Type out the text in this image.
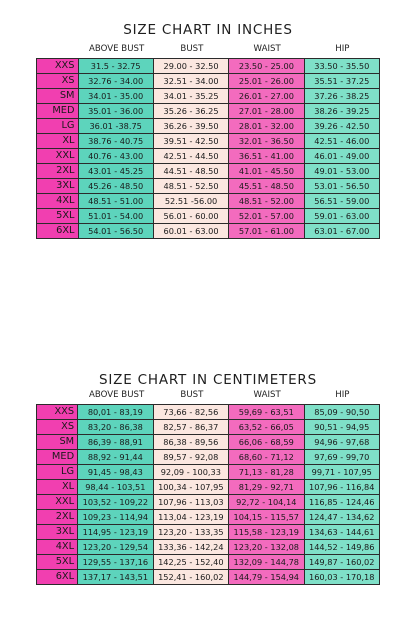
SIZE CHART IN INCHES
ABOVE BUST	BUST	WAIST	HIP
XXS	31.5 - 32.75	29.00 - 32.50	23.50 - 25.00	33.50 - 35.50
XS	32.76 - 34.00	32.51 - 34.00	25.01 - 26.00	35.51 - 37.25
SM	34.01 - 35.00	34.01 - 35.25	26.01 - 27.00	37.26 - 38.25
MED	35.01 - 36.00	35.26 - 36.25	27.01 - 28.00	38.26 - 39.25
LG	36.01 -38.75	36.26 - 39.50	28.01 - 32.00	39.26 - 42.50
XL	38.76 - 40.75	39.51 - 42.50	32.01 - 36.50	42.51 - 46.00
XXL	40.76 - 43.00	42.51 - 44.50	36.51 - 41.00	46.01 - 49.00
2XL	43.01 - 45.25	44.51 - 48.50	41.01 - 45.50	49.01 - 53.00
3XL	45.26 - 48.50	48.51 - 52.50	45.51 - 48.50	53.01 - 56.50
4XL	48.51 - 51.00	52.51 -56.00	48.51 - 52.00	56.51 - 59.00
5XL	51.01 - 54.00	56.01 - 60.00	52.01 - 57.00	59.01 - 63.00
6XL	54.01 - 56.50	60.01 - 63.00	57.01 - 61.00	63.01 - 67.00
SIZE CHART IN CENTIMETERS
ABOVE BUST	BUST	WAIST	HIP
XXS	80,01 - 83,19	73,66 - 82,56	59,69 - 63,51	85,09 - 90,50
XS	83,20 - 86,38	82,57 - 86,37	63,52 - 66,05	90,51 - 94,95
SM	86,39 - 88,91	86,38 - 89,56	66,06 - 68,59	94,96 - 97,68
MED	88,92 - 91,44	89,57 - 92,08	68,60 - 71,12	97,69 - 99,70
LG	91,45 - 98,43	92,09 - 100,33	71,13 - 81,28	99,71 - 107,95
XL	98,44 - 103,51	100,34 - 107,95	81,29 - 92,71	107,96 - 116,84
XXL	103,52 - 109,22	107,96 - 113,03	92,72 - 104,14	116,85 - 124,46
2XL	109,23 - 114,94	113,04 - 123,19	104,15 - 115,57	124,47 - 134,62
3XL	114,95 - 123,19	123,20 - 133,35	115,58 - 123,19	134,63 - 144,61
4XL	123,20 - 129,54	133,36 - 142,24	123,20 - 132,08	144,52 - 149,86
5XL	129,55 - 137,16	142,25 - 152,40	132,09 - 144,78	149,87 - 160,02
6XL	137,17 - 143,51	152,41 - 160,02	144,79 - 154,94	160,03 - 170,18
